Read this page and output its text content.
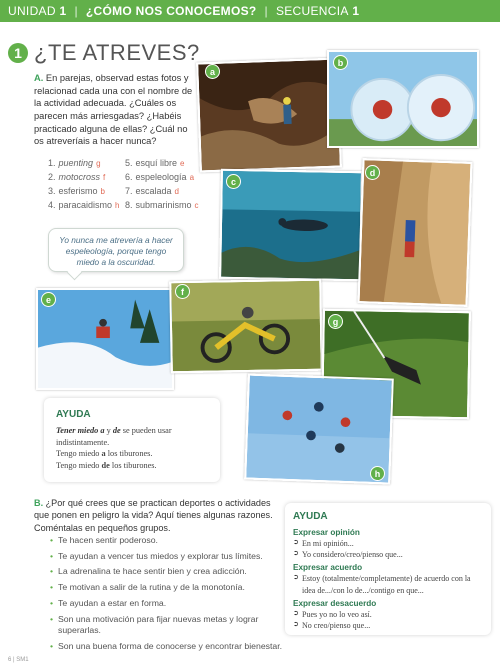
UNIDAD
1 | ¿CÓMO NOS CONOCEMOS? | SECUENCIA
1
1 ¿TE ATREVES?
A. En parejas, observad estas fotos y relacionad cada una con el nombre de la actividad adecuada. ¿Cuáles os parecen más arriesgadas? ¿Habéis practicado alguna de ellas? ¿Cuál no os atreveríais a hacer nunca?
1. puenting g
2. motocross f
3. esferismo b
4. paracaidismo h
5. esquí libre e
6. espeleología a
7. escalada d
8. submarinismo c
Yo nunca me atrevería a hacer espeleología, porque tengo miedo a la oscuridad.
a
b
c
d
e
f
g
h
AYUDA
Tener miedo a y de se pueden usar indistintamente.
Tengo miedo a los tiburones.
Tengo miedo de los tiburones.
B. ¿Por qué crees que se practican deportes o actividades que ponen en peligro la vida? Aquí tienes algunas razones. Coméntalas en pequeños grupos.
• Te hacen sentir poderoso.
• Te ayudan a vencer tus miedos y explorar tus límites.
• La adrenalina te hace sentir bien y crea adicción.
• Te motivan a salir de la rutina y de la monotonía.
• Te ayudan a estar en forma.
• Son una motivación para fijar nuevas metas y lograr superarlas.
• Son una buena forma de conocerse y encontrar bienestar.
AYUDA
Expresar opinión
➲ En mi opinión...
➲ Yo considero/creo/pienso que...
Expresar acuerdo
➲ Estoy (totalmente/completamente) de acuerdo con la idea de.../con lo de.../contigo en que...
Expresar desacuerdo
➲ Pues yo no lo veo así.
➲ No creo/pienso que...
6 | SM1
